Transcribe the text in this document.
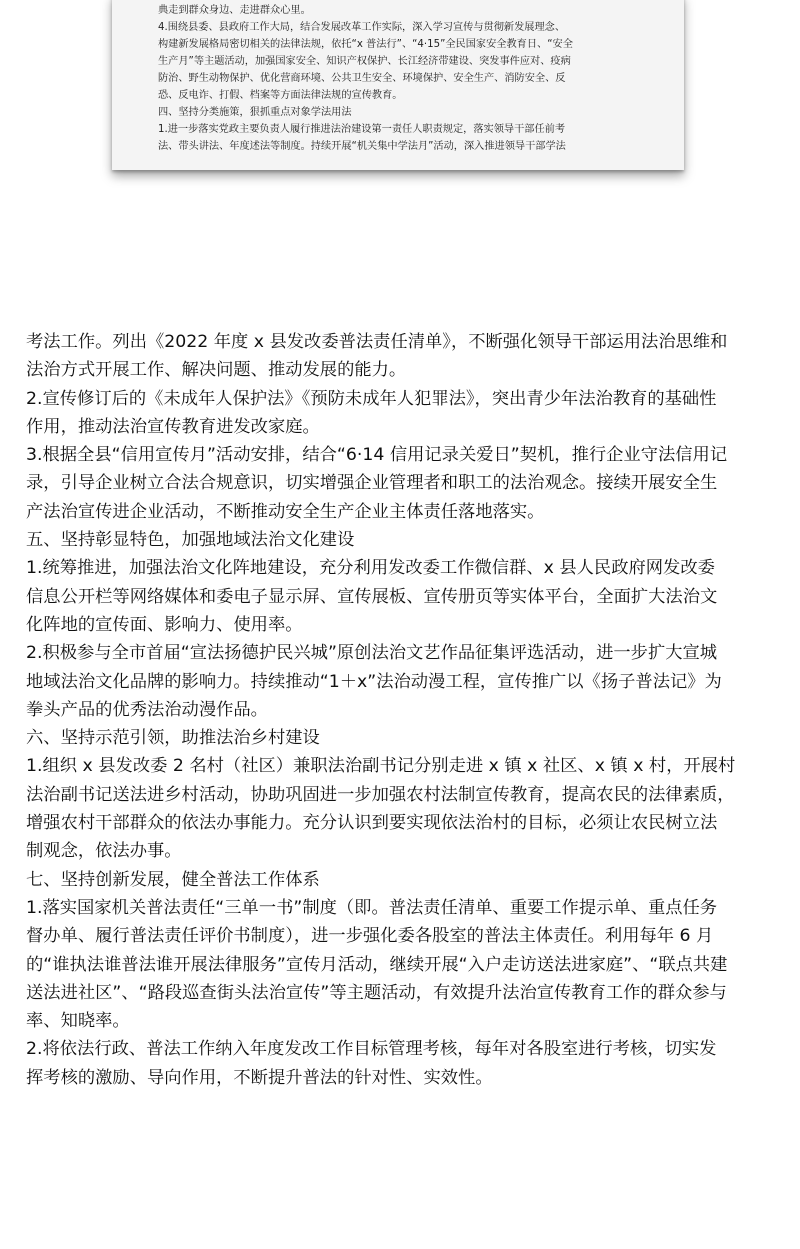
典走到群众身边、走进群众心里。
4.围绕县委、县政府工作大局，结合发展改革工作实际，深入学习宣传与贯彻新发展理念、
构建新发展格局密切相关的法律法规，依托“x 普法行”、“4·15”全民国家安全教育日、“安全
生产月”等主题活动，加强国家安全、知识产权保护、长江经济带建设、突发事件应对、疫病
防治、野生动物保护、优化营商环境、公共卫生安全、环境保护、安全生产、消防安全、反
恐、反电诈、打假、档案等方面法律法规的宣传教育。
四、坚持分类施策，狠抓重点对象学法用法
1.进一步落实党政主要负责人履行推进法治建设第一责任人职责规定，落实领导干部任前考
法、带头讲法、年度述法等制度。持续开展“机关集中学法月”活动，深入推进领导干部学法
考法工作。列出《2022 年度 x 县发改委普法责任清单》，不断强化领导干部运用法治思维和
法治方式开展工作、解决问题、推动发展的能力。
2.宣传修订后的《未成年人保护法》《预防未成年人犯罪法》，突出青少年法治教育的基础性
作用，推动法治宣传教育进发改家庭。
3.根据全县“信用宣传月”活动安排，结合“6·14 信用记录关爱日”契机，推行企业守法信用记
录，引导企业树立合法合规意识，切实增强企业管理者和职工的法治观念。接续开展安全生
产法治宣传进企业活动，不断推动安全生产企业主体责任落地落实。
五、坚持彰显特色，加强地域法治文化建设
1.统筹推进，加强法治文化阵地建设，充分利用发改委工作微信群、x 县人民政府网发改委
信息公开栏等网络媒体和委电子显示屏、宣传展板、宣传册页等实体平台，全面扩大法治文
化阵地的宣传面、影响力、使用率。
2.积极参与全市首届“宣法扬德护民兴城”原创法治文艺作品征集评选活动，进一步扩大宣城
地域法治文化品牌的影响力。持续推动“1＋x”法治动漫工程，宣传推广以《扬子普法记》为
拳头产品的优秀法治动漫作品。
六、坚持示范引领，助推法治乡村建设
1.组织 x 县发改委 2 名村（社区）兼职法治副书记分别走进 x 镇 x 社区、x 镇 x 村，开展村
法治副书记送法进乡村活动，协助巩固进一步加强农村法制宣传教育，提高农民的法律素质，
增强农村干部群众的依法办事能力。充分认识到要实现依法治村的目标，必须让农民树立法
制观念，依法办事。
七、坚持创新发展，健全普法工作体系
1.落实国家机关普法责任“三单一书”制度（即。普法责任清单、重要工作提示单、重点任务
督办单、履行普法责任评价书制度），进一步强化委各股室的普法主体责任。利用每年 6 月
的“谁执法谁普法谁开展法律服务”宣传月活动，继续开展“入户走访送法进家庭”、“联点共建
送法进社区”、“路段巡查街头法治宣传”等主题活动，有效提升法治宣传教育工作的群众参与
率、知晓率。
2.将依法行政、普法工作纳入年度发改工作目标管理考核，每年对各股室进行考核，切实发
挥考核的激励、导向作用，不断提升普法的针对性、实效性。
